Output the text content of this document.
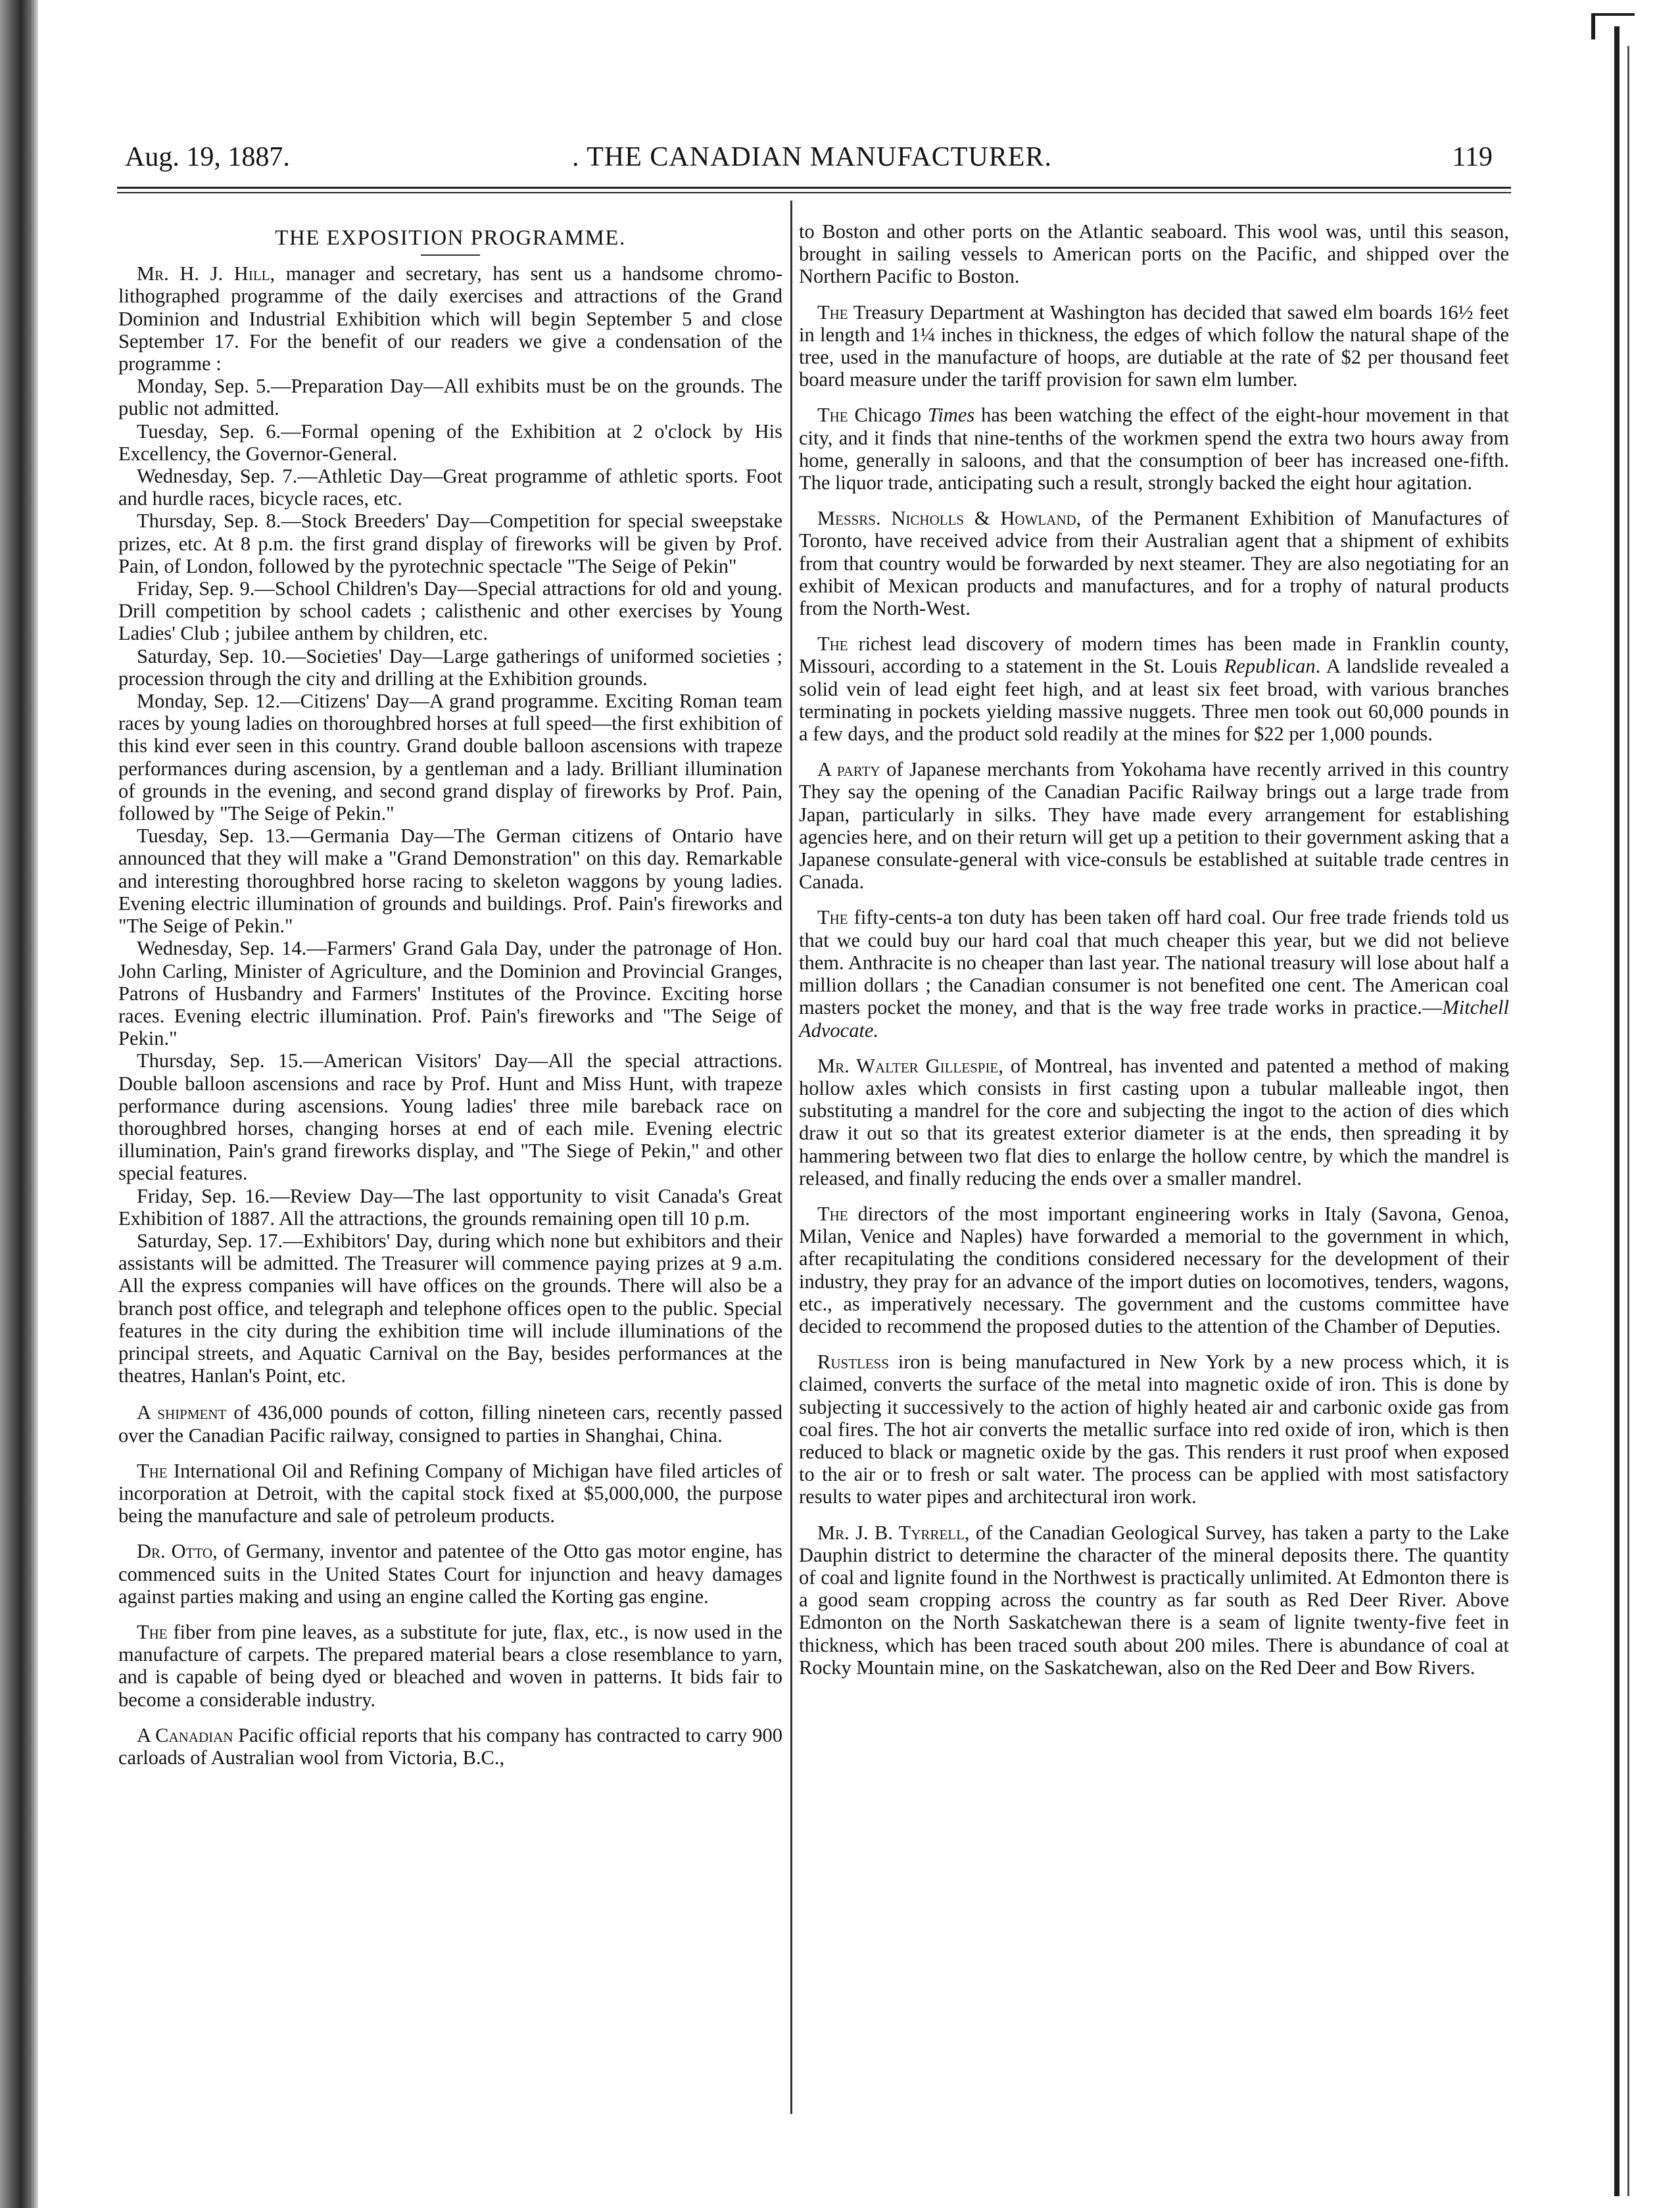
Aug. 19, 1887.	. THE CANADIAN MANUFACTURER.	119
THE EXPOSITION PROGRAMME.

Mr. H. J. Hill, manager and secretary, has sent us a handsome chromo-lithographed programme of the daily exercises and attractions of the Grand Dominion and Industrial Exhibition which will begin September 5 and close September 17. For the benefit of our readers we give a condensation of the programme :

Monday, Sep. 5.—Preparation Day—All exhibits must be on the grounds. The public not admitted.

Tuesday, Sep. 6.—Formal opening of the Exhibition at 2 o'clock by His Excellency, the Governor-General.

Wednesday, Sep. 7.—Athletic Day—Great programme of athletic sports. Foot and hurdle races, bicycle races, etc.

Thursday, Sep. 8.—Stock Breeders' Day—Competition for special sweepstake prizes, etc. At 8 p.m. the first grand display of fireworks will be given by Prof. Pain, of London, followed by the pyrotechnic spectacle "The Seige of Pekin"

Friday, Sep. 9.—School Children's Day—Special attractions for old and young. Drill competition by school cadets ; calisthenic and other exercises by Young Ladies' Club ; jubilee anthem by children, etc.

Saturday, Sep. 10.—Societies' Day—Large gatherings of uniformed societies ; procession through the city and drilling at the Exhibition grounds.

Monday, Sep. 12.—Citizens' Day—A grand programme. Exciting Roman team races by young ladies on thoroughbred horses at full speed—the first exhibition of this kind ever seen in this country. Grand double balloon ascensions with trapeze performances during ascension, by a gentleman and a lady. Brilliant illumination of grounds in the evening, and second grand display of fireworks by Prof. Pain, followed by "The Seige of Pekin."

Tuesday, Sep. 13.—Germania Day—The German citizens of Ontario have announced that they will make a "Grand Demonstration" on this day. Remarkable and interesting thoroughbred horse racing to skeleton waggons by young ladies. Evening electric illumination of grounds and buildings. Prof. Pain's fireworks and "The Seige of Pekin."

Wednesday, Sep. 14.—Farmers' Grand Gala Day, under the patronage of Hon. John Carling, Minister of Agriculture, and the Dominion and Provincial Granges, Patrons of Husbandry and Farmers' Institutes of the Province. Exciting horse races. Evening electric illumination. Prof. Pain's fireworks and "The Seige of Pekin."

Thursday, Sep. 15.—American Visitors' Day—All the special attractions. Double balloon ascensions and race by Prof. Hunt and Miss Hunt, with trapeze performance during ascensions. Young ladies' three mile bareback race on thoroughbred horses, changing horses at end of each mile. Evening electric illumination, Pain's grand fireworks display, and "The Siege of Pekin," and other special features.

Friday, Sep. 16.—Review Day—The last opportunity to visit Canada's Great Exhibition of 1887. All the attractions, the grounds remaining open till 10 p.m.

Saturday, Sep. 17.—Exhibitors' Day, during which none but exhibitors and their assistants will be admitted. The Treasurer will commence paying prizes at 9 a.m. All the express companies will have offices on the grounds. There will also be a branch post office, and telegraph and telephone offices open to the public. Special features in the city during the exhibition time will include illuminations of the principal streets, and Aquatic Carnival on the Bay, besides performances at the theatres, Hanlan's Point, etc.

A shipment of 436,000 pounds of cotton, filling nineteen cars, recently passed over the Canadian Pacific railway, consigned to parties in Shanghai, China.

The International Oil and Refining Company of Michigan have filed articles of incorporation at Detroit, with the capital stock fixed at $5,000,000, the purpose being the manufacture and sale of petroleum products.

Dr. Otto, of Germany, inventor and patentee of the Otto gas motor engine, has commenced suits in the United States Court for injunction and heavy damages against parties making and using an engine called the Korting gas engine.

The fiber from pine leaves, as a substitute for jute, flax, etc., is now used in the manufacture of carpets. The prepared material bears a close resemblance to yarn, and is capable of being dyed or bleached and woven in patterns. It bids fair to become a considerable industry.

A Canadian Pacific official reports that his company has contracted to carry 900 carloads of Australian wool from Victoria, B.C.,

to Boston and other ports on the Atlantic seaboard. This wool was, until this season, brought in sailing vessels to American ports on the Pacific, and shipped over the Northern Pacific to Boston.

The Treasury Department at Washington has decided that sawed elm boards 16½ feet in length and 1¼ inches in thickness, the edges of which follow the natural shape of the tree, used in the manufacture of hoops, are dutiable at the rate of $2 per thousand feet board measure under the tariff provision for sawn elm lumber.

The Chicago Times has been watching the effect of the eight-hour movement in that city, and it finds that nine-tenths of the workmen spend the extra two hours away from home, generally in saloons, and that the consumption of beer has increased one-fifth. The liquor trade, anticipating such a result, strongly backed the eight hour agitation.

Messrs. Nicholls & Howland, of the Permanent Exhibition of Manufactures of Toronto, have received advice from their Australian agent that a shipment of exhibits from that country would be forwarded by next steamer. They are also negotiating for an exhibit of Mexican products and manufactures, and for a trophy of natural products from the North-West.

The richest lead discovery of modern times has been made in Franklin county, Missouri, according to a statement in the St. Louis Republican. A landslide revealed a solid vein of lead eight feet high, and at least six feet broad, with various branches terminating in pockets yielding massive nuggets. Three men took out 60,000 pounds in a few days, and the product sold readily at the mines for $22 per 1,000 pounds.

A party of Japanese merchants from Yokohama have recently arrived in this country They say the opening of the Canadian Pacific Railway brings out a large trade from Japan, particularly in silks. They have made every arrangement for establishing agencies here, and on their return will get up a petition to their government asking that a Japanese consulate-general with vice-consuls be established at suitable trade centres in Canada.

The fifty-cents-a ton duty has been taken off hard coal. Our free trade friends told us that we could buy our hard coal that much cheaper this year, but we did not believe them. Anthracite is no cheaper than last year. The national treasury will lose about half a million dollars ; the Canadian consumer is not benefited one cent. The American coal masters pocket the money, and that is the way free trade works in practice.—Mitchell Advocate.

Mr. Walter Gillespie, of Montreal, has invented and patented a method of making hollow axles which consists in first casting upon a tubular malleable ingot, then substituting a mandrel for the core and subjecting the ingot to the action of dies which draw it out so that its greatest exterior diameter is at the ends, then spreading it by hammering between two flat dies to enlarge the hollow centre, by which the mandrel is released, and finally reducing the ends over a smaller mandrel.

The directors of the most important engineering works in Italy (Savona, Genoa, Milan, Venice and Naples) have forwarded a memorial to the government in which, after recapitulating the conditions considered necessary for the development of their industry, they pray for an advance of the import duties on locomotives, tenders, wagons, etc., as imperatively necessary. The government and the customs committee have decided to recommend the proposed duties to the attention of the Chamber of Deputies.

Rustless iron is being manufactured in New York by a new process which, it is claimed, converts the surface of the metal into magnetic oxide of iron. This is done by subjecting it successively to the action of highly heated air and carbonic oxide gas from coal fires. The hot air converts the metallic surface into red oxide of iron, which is then reduced to black or magnetic oxide by the gas. This renders it rust proof when exposed to the air or to fresh or salt water. The process can be applied with most satisfactory results to water pipes and architectural iron work.

Mr. J. B. Tyrrell, of the Canadian Geological Survey, has taken a party to the Lake Dauphin district to determine the character of the mineral deposits there. The quantity of coal and lignite found in the Northwest is practically unlimited. At Edmonton there is a good seam cropping across the country as far south as Red Deer River. Above Edmonton on the North Saskatchewan there is a seam of lignite twenty-five feet in thickness, which has been traced south about 200 miles. There is abundance of coal at Rocky Mountain mine, on the Saskatchewan, also on the Red Deer and Bow Rivers.
